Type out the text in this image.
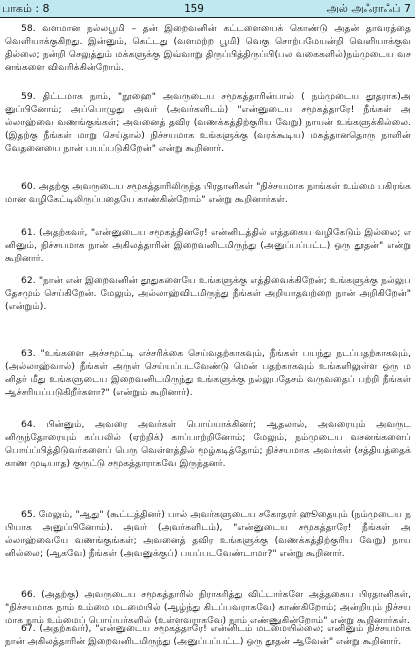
பாகம் : 8	159	அல் அஃராஃப் 7

58. வளமான நல்லபூமி – தன் இறைவனின் கட்டளையைக் கொண்டு அதன் தாவரத்தை வெளியாக்குகிறது. இன்னும், கெட்டது (வளமற்ற பூமி) வெகு சொற்பமேயன்றி வெளியாக்குவதில்லை; நன்றி செலுத்தும் மக்களுக்கு இவ்வாறு திருப்பித்திருப்பி(பல வகைகளில்)நம்முடைய வசனங்களை விவரிக்கின்றோம்.

59. திட்டமாக நாம், "நூஹை" அவருடைய சமூகத்தாரின்பால் ( நம்முடைய தூதராக)அனுப்பினோம்; அப்பொழுது அவர் (அவர்களிடம்) "என்னுடைய சமூகத்தாரே! நீங்கள் அல்லாஹ்வை வணங்குங்கள்; அவனைத் தவிர (வணக்கத்திற்குரிய வேறு) நாயன் உங்களுக்கில்லை. (இதற்கு நீங்கள் மாறு செய்தால்) நிச்சயமாக உங்களுக்கு (வரக்கூடிய) மகத்தானதொரு நாளின் வேதனையை நான் பயப்படுகிறேன்" என்று கூறினார்.

60. அதற்கு அவருடைய சமூகத்தாரிலிருந்த பிரதானிகள் "நிச்சயமாக நாங்கள் உம்மை பகிரங்கமான வழிகேட்டிலிருப்பதையே காண்கின்றோம்" என்று கூறினார்கள்.

61. (அதற்கவர், "என்னுடைய சமூகத்தினரே! என்னிடத்தில் எத்தகைய வழிகேடும் இல்லை; எனினும், நிச்சயமாக நான் அகிலத்தாரின் இறைவனிடமிருந்து (அனுப்பப்பட்ட) ஒரு தூதன்" என்று கூறினார்.

62. "நான் என் இறைவனின் தூதுகளையே உங்களுக்கு எத்திவைக்கிறேன்; உங்களுக்கு நல்லுபதேசமும் செய்கிறேன். மேலும், அல்லாஹ்விடமிருந்து நீங்கள் அறியாதவற்றை நான் அறிகிறேன்" (என்றும்).

63. "உங்களை அச்சமூட்டி எச்சரிக்கை செய்வதற்காகவும், நீங்கள் பயந்து நடப்பதற்காகவும், (அல்லாஹ்வால்) நீங்கள் அருள் செய்யப்படவேண்டு மென் பதற்காகவும் உங்களிலுள்ள ஒரு மனிதர் மீது உங்களுடைய இறைவனிடமிருந்து உங்களுக்கு நல்லுபதேசம் வருவதைப் பற்றி நீங்கள் ஆச்சரியப்படுகிறீர்களா?" (என்றும் கூறினார்).

64. பின்னும், அவரை அவர்கள் பொய்யாக்கினர்; ஆதலால், அவரையும் அவருடனிருந்தோரையும் கப்பலில் (ஏற்றிக்) காப்பாற்றினோம்; மேலும், நம்முடைய வசனங்களைப் பொய்ப்பித்திடுவர்களைப் பெரு வெள்ளத்தில் மூழ்கடித்தோம்; நிச்சயமாக அவர்கள் (சத்தியத்தைக் காண முடியாத) குருட்டு சமூகத்தாராகவே இருந்தனர்.

65. மேலும், "ஆது" (கூட்டத்தினர்) பால் அவர்களுடைய சகோதரர் ஹூதையும் (நம்முடைய நபியாக அனுப்பினோம்). அவர் (அவர்களிடம்), "என்னுடைய சமூகத்தாரே! நீங்கள் அல்லாஹ்வையே வணங்குங்கள்; அவனைத் தவிர உங்களுக்கு (வணக்கத்திற்குரிய வேறு) நாயனில்லை; (ஆகவே) நீங்கள் (அவனுக்குப்) பயப்படவேண்டாமா?" என்று கூறினார்.

66. (அதற்கு) அவருடைய சமூகத்தாரில் நிராகரித்து விட்டார்களே அத்தகைய பிரதானிகள், "நிச்சயமாக நாம் உம்மை மடமையில் (ஆழ்ந்து கிடப்பவராகவே) காண்கிறோம்; அன்றியும் நிச்சயமாக நாம் உம்மைப் பொய்யர்களில் (உள்ளவராகவே) நாம் எண்ணுகின்றோம்" என்று கூறினார்கள்.

67. (அதற்கவர்), "என்னுடைய சமூகத்தாரே! என்னிடம் மடமையில்லை; எனினும் நிச்சயமாக நான் அகிலத்தாரின் இறைவனிடமிருந்து (அனுப்பப்பட்ட) ஒரு தூதன் ஆவேன்" என்று கூறினார்.
